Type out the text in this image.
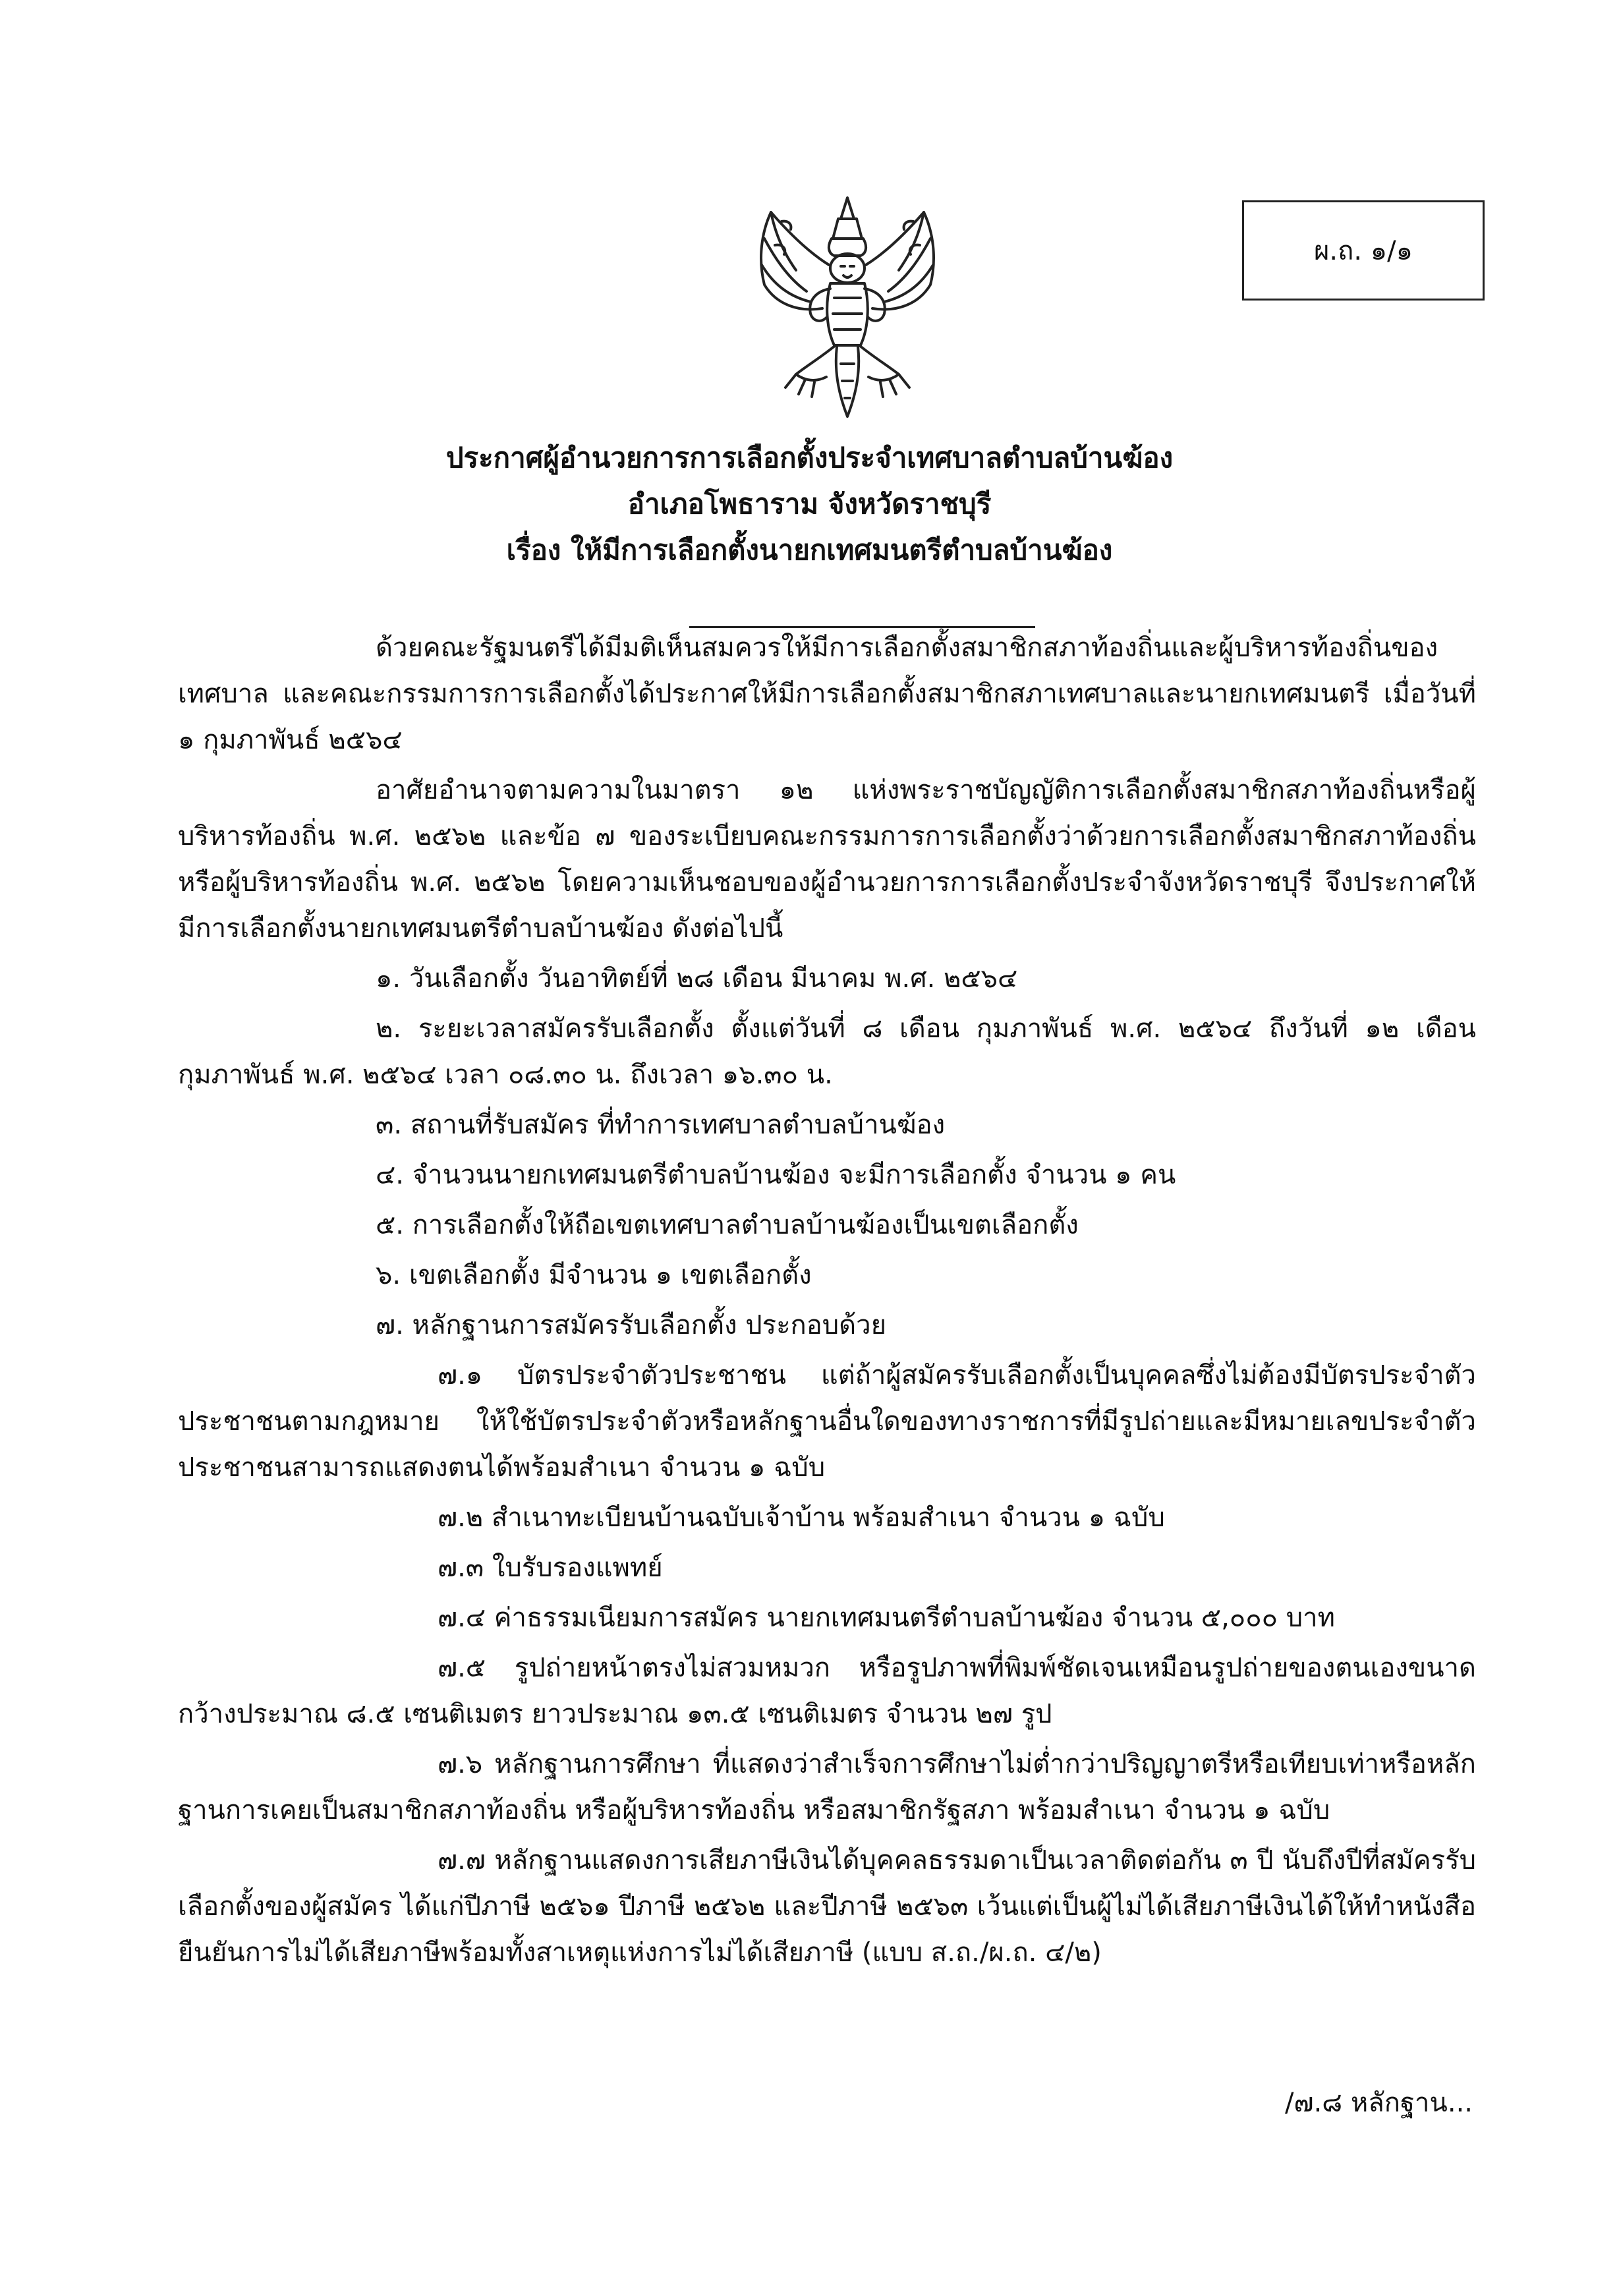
ผ.ถ. ๑/๑
ประกาศผู้อำนวยการการเลือกตั้งประจำเทศบาลตำบลบ้านฆ้อง
อำเภอโพธาราม จังหวัดราชบุรี
เรื่อง ให้มีการเลือกตั้งนายกเทศมนตรีตำบลบ้านฆ้อง

ด้วยคณะรัฐมนตรีได้มีมติเห็นสมควรให้มีการเลือกตั้งสมาชิกสภาท้องถิ่นและผู้บริหารท้องถิ่นของเทศบาล และคณะกรรมการการเลือกตั้งได้ประกาศให้มีการเลือกตั้งสมาชิกสภาเทศบาลและนายกเทศมนตรี เมื่อวันที่ ๑ กุมภาพันธ์ ๒๕๖๔

อาศัยอำนาจตามความในมาตรา ๑๒ แห่งพระราชบัญญัติการเลือกตั้งสมาชิกสภาท้องถิ่นหรือผู้บริหารท้องถิ่น พ.ศ. ๒๕๖๒ และข้อ ๗ ของระเบียบคณะกรรมการการเลือกตั้งว่าด้วยการเลือกตั้งสมาชิกสภาท้องถิ่นหรือผู้บริหารท้องถิ่น พ.ศ. ๒๕๖๒ โดยความเห็นชอบของผู้อำนวยการการเลือกตั้งประจำจังหวัดราชบุรี จึงประกาศให้มีการเลือกตั้งนายกเทศมนตรีตำบลบ้านฆ้อง ดังต่อไปนี้

๑. วันเลือกตั้ง วันอาทิตย์ที่ ๒๘ เดือน มีนาคม พ.ศ. ๒๕๖๔

๒. ระยะเวลาสมัครรับเลือกตั้ง ตั้งแต่วันที่ ๘ เดือน กุมภาพันธ์ พ.ศ. ๒๕๖๔ ถึงวันที่ ๑๒ เดือน กุมภาพันธ์ พ.ศ. ๒๕๖๔ เวลา ๐๘.๓๐ น. ถึงเวลา ๑๖.๓๐ น.

๓. สถานที่รับสมัคร ที่ทำการเทศบาลตำบลบ้านฆ้อง
๔. จำนวนนายกเทศมนตรีตำบลบ้านฆ้อง จะมีการเลือกตั้ง จำนวน ๑ คน
๕. การเลือกตั้งให้ถือเขตเทศบาลตำบลบ้านฆ้องเป็นเขตเลือกตั้ง
๖. เขตเลือกตั้ง มีจำนวน ๑ เขตเลือกตั้ง
๗. หลักฐานการสมัครรับเลือกตั้ง ประกอบด้วย

๗.๑ บัตรประจำตัวประชาชน แต่ถ้าผู้สมัครรับเลือกตั้งเป็นบุคคลซึ่งไม่ต้องมีบัตรประจำตัวประชาชนตามกฎหมาย ให้ใช้บัตรประจำตัวหรือหลักฐานอื่นใดของทางราชการที่มีรูปถ่ายและมีหมายเลขประจำตัวประชาชนสามารถแสดงตนได้พร้อมสำเนา จำนวน ๑ ฉบับ

๗.๒ สำเนาทะเบียนบ้านฉบับเจ้าบ้าน พร้อมสำเนา จำนวน ๑ ฉบับ
๗.๓ ใบรับรองแพทย์
๗.๔ ค่าธรรมเนียมการสมัคร นายกเทศมนตรีตำบลบ้านฆ้อง จำนวน ๕,๐๐๐ บาท

๗.๕ รูปถ่ายหน้าตรงไม่สวมหมวก หรือรูปภาพที่พิมพ์ชัดเจนเหมือนรูปถ่ายของตนเองขนาดกว้างประมาณ ๘.๕ เซนติเมตร ยาวประมาณ ๑๓.๕ เซนติเมตร จำนวน ๒๗ รูป

๗.๖ หลักฐานการศึกษา ที่แสดงว่าสำเร็จการศึกษาไม่ต่ำกว่าปริญญาตรีหรือเทียบเท่าหรือหลักฐานการเคยเป็นสมาชิกสภาท้องถิ่น หรือผู้บริหารท้องถิ่น หรือสมาชิกรัฐสภา พร้อมสำเนา จำนวน ๑ ฉบับ

๗.๗ หลักฐานแสดงการเสียภาษีเงินได้บุคคลธรรมดาเป็นเวลาติดต่อกัน ๓ ปี นับถึงปีที่สมัครรับเลือกตั้งของผู้สมัคร ได้แก่ปีภาษี ๒๕๖๑ ปีภาษี ๒๕๖๒ และปีภาษี ๒๕๖๓ เว้นแต่เป็นผู้ไม่ได้เสียภาษีเงินได้ให้ทำหนังสือยืนยันการไม่ได้เสียภาษีพร้อมทั้งสาเหตุแห่งการไม่ได้เสียภาษี (แบบ ส.ถ./ผ.ถ. ๔/๒)

/๗.๘ หลักฐาน...
